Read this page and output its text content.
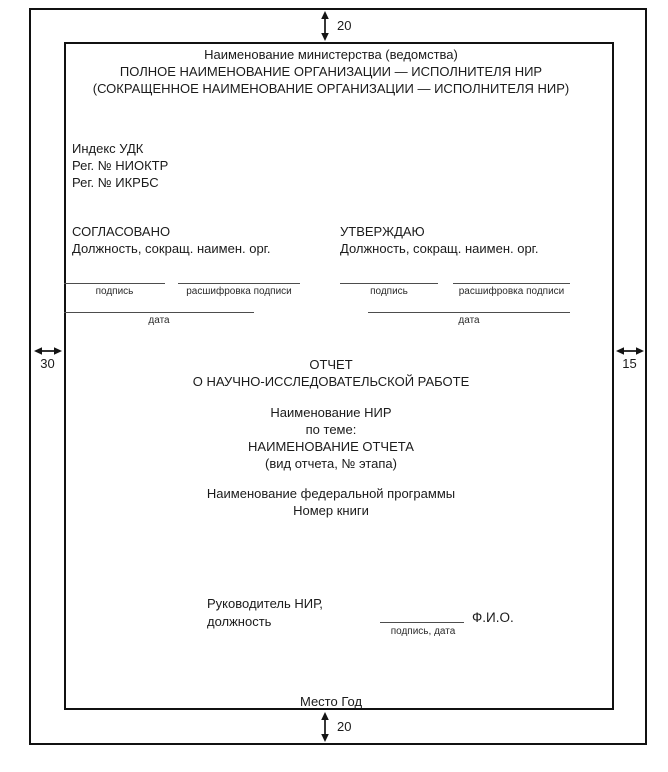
20
20
30	15
Наименование министерства (ведомства)
ПОЛНОЕ НАИМЕНОВАНИЕ ОРГАНИЗАЦИИ — ИСПОЛНИТЕЛЯ НИР
(СОКРАЩЕННОЕ НАИМЕНОВАНИЕ ОРГАНИЗАЦИИ — ИСПОЛНИТЕЛЯ НИР)
Индекс УДК
Рег. № НИОКТР
Рег. № ИКРБС
СОГЛАСОВАНО
Должность, сокращ. наимен. орг.
УТВЕРЖДАЮ
Должность, сокращ. наимен. орг.
подпись	расшифровка подписи	подпись	расшифровка подписи
дата	дата
ОТЧЕТ
О НАУЧНО-ИССЛЕДОВАТЕЛЬСКОЙ РАБОТЕ
Наименование НИР
по теме:
НАИМЕНОВАНИЕ ОТЧЕТА
(вид отчета, № этапа)
Наименование федеральной программы
Номер книги
Руководитель НИР,
должность	Ф.И.О.
подпись, дата
Место Год
